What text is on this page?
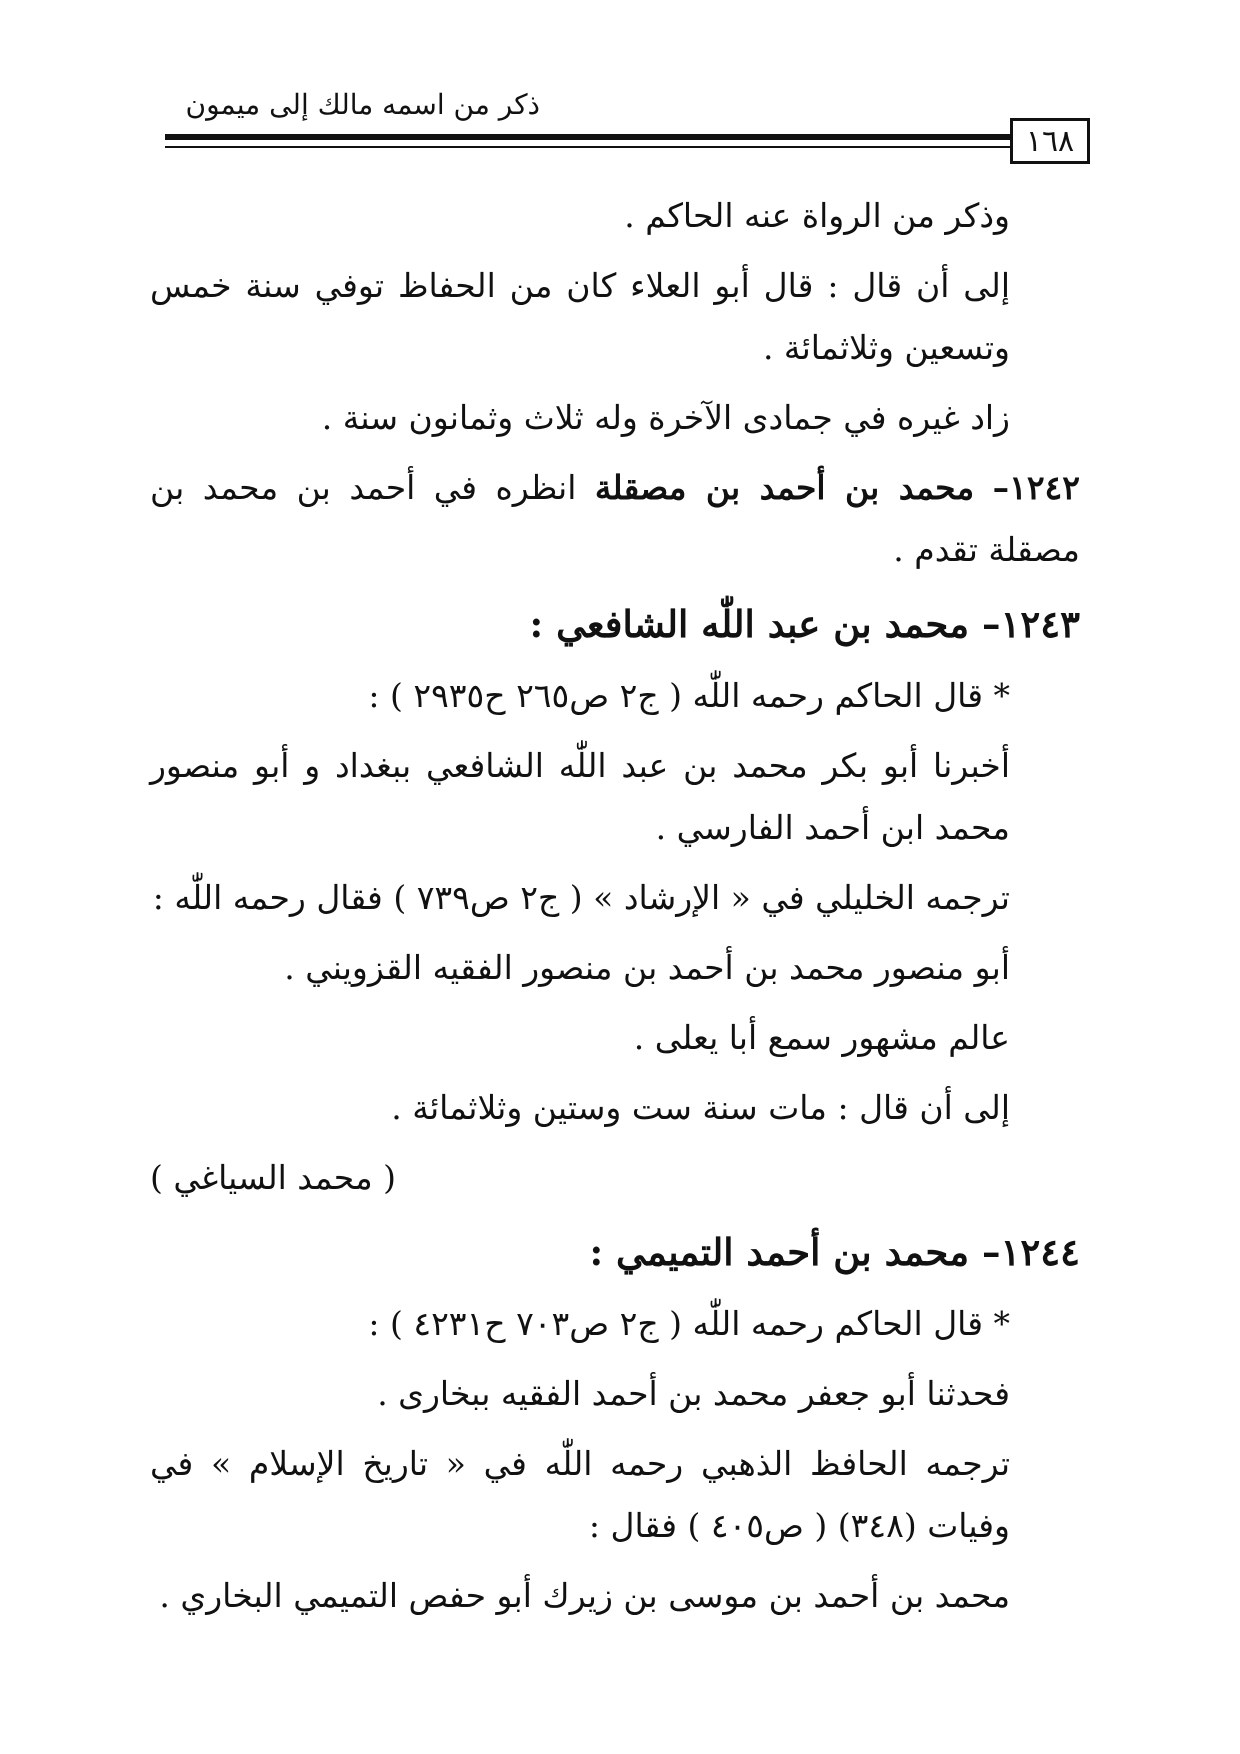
ذكر من اسمه مالك إلى ميمون
١٦٨

وذكر من الرواة عنه الحاكم .

إلى أن قال : قال أبو العلاء كان من الحفاظ توفي سنة خمس وتسعين وثلاثمائة .

زاد غيره في جمادى الآخرة وله ثلاث وثمانون سنة .

١٢٤٢– محمد بن أحمد بن مصقلة انظره في أحمد بن محمد بن مصقلة تقدم .

١٢٤٣– محمد بن عبد اللّٰه الشافعي :

* قال الحاكم رحمه اللّٰه ( ج٢ ص٢٦٥ ح٢٩٣٥ ) :

أخبرنا أبو بكر محمد بن عبد اللّٰه الشافعي ببغداد و أبو منصور محمد ابن أحمد الفارسي .

ترجمه الخليلي في « الإرشاد » ( ج٢ ص٧٣٩ ) فقال رحمه اللّٰه :

أبو منصور محمد بن أحمد بن منصور الفقيه القزويني .

عالم مشهور سمع أبا يعلى .

إلى أن قال : مات سنة ست وستين وثلاثمائة .

( محمد السياغي )

١٢٤٤– محمد بن أحمد التميمي :

* قال الحاكم رحمه اللّٰه ( ج٢ ص٧٠٣ ح٤٢٣١ ) :

فحدثنا أبو جعفر محمد بن أحمد الفقيه ببخارى .

ترجمه الحافظ الذهبي رحمه اللّٰه في « تاريخ الإسلام » في وفيات (٣٤٨) ( ص٤٠٥ ) فقال :

محمد بن أحمد بن موسى بن زيرك أبو حفص التميمي البخاري .
